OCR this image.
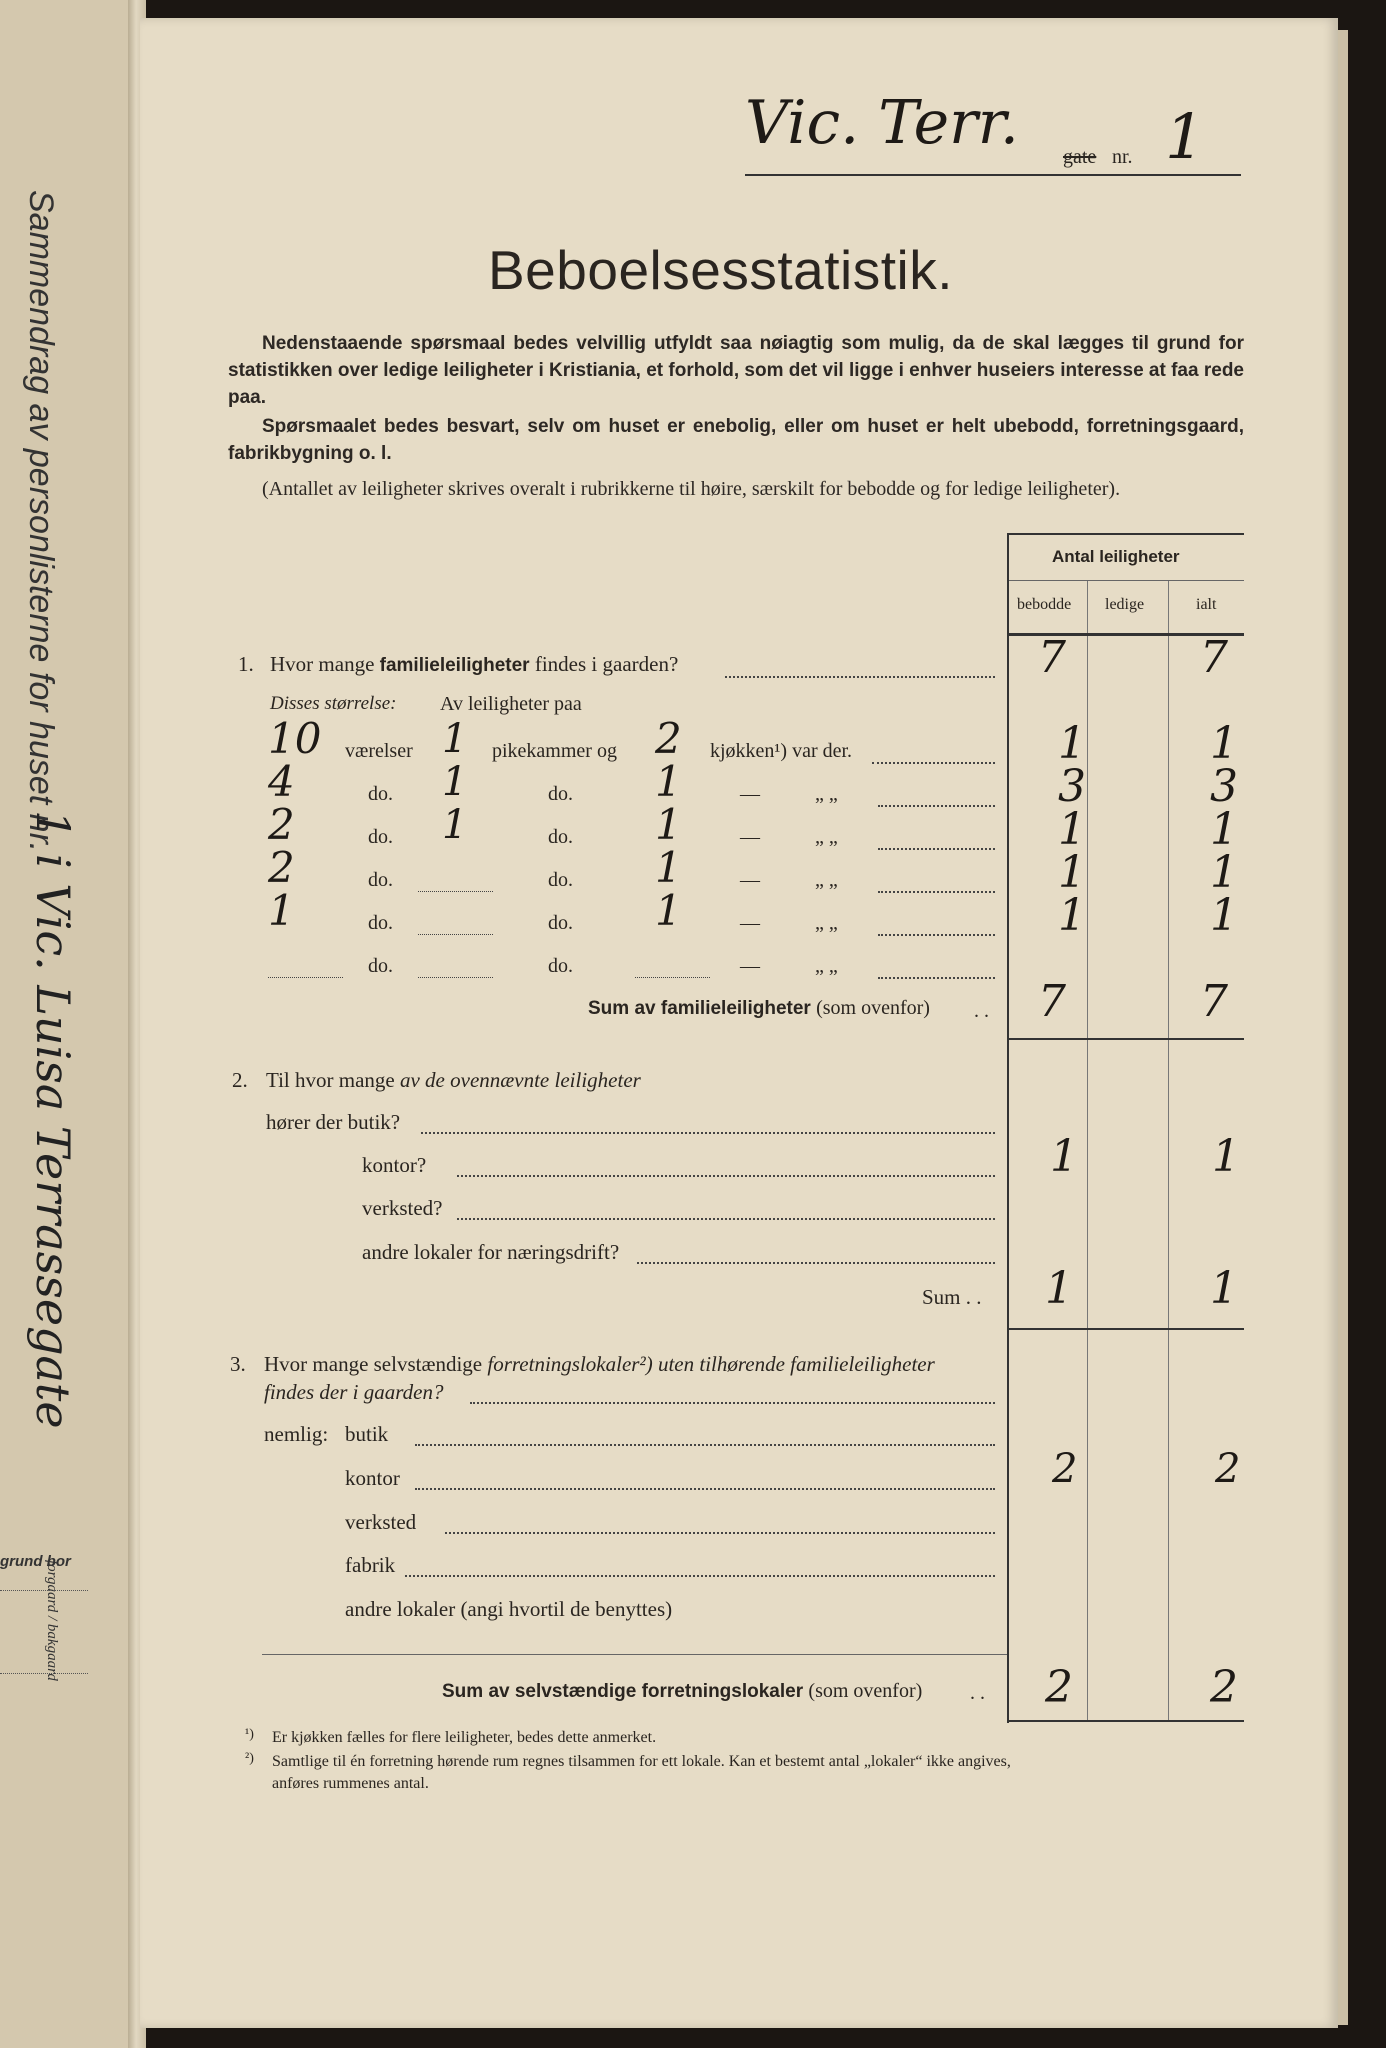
Sammendrag av personlisterne for huset nr.
1 i Vic. Luisa Terrassegate
forgaard / bakgaard
grund bor
Vic. Terr. gate nr. 1
Beboelsesstatistik.
Nedenstaaende spørsmaal bedes velvillig utfyldt saa nøiagtig som mulig, da de skal lægges til grund for statistikken over ledige leiligheter i Kristiania, et forhold, som det vil ligge i enhver huseiers interesse at faa rede paa.
Spørsmaalet bedes besvart, selv om huset er enebolig, eller om huset er helt ubebodd, forretningsgaard, fabrikbygning o. l.
(Antallet av leiligheter skrives overalt i rubrikkerne til høire, særskilt for bebodde og for ledige leiligheter).
Antal leiligheter
bebodde ledige	ialt
1. Hvor mange familieleiligheter findes i gaarden?	7	7
Disses størrelse: Av leiligheter paa
10 værelser 1 pikekammer og 2 kjøkken¹) var der.	1	1
4	do. 1	do. 1	—	„ „	3	3
2	do. 1	do. 1	—	„ „	1	1
2	do.	do. 1	—	„ „	1	1
1	do.	do. 1	—	„ „	1	1
do.	do.	—	„ „
Sum av familieleiligheter (som ovenfor) . . 7	7
2. Til hvor mange av de ovennævnte leiligheter
hører der butik?
kontor?	1	1
verksted?
andre lokaler for næringsdrift?
Sum . . 1	1
3. Hvor mange selvstændige forretningslokaler²) uten tilhørende familieleiligheter
findes der i gaarden?
nemlig: butik
kontor	2	2
verksted
fabrik
andre lokaler (angi hvortil de benyttes)
Sum av selvstændige forretningslokaler (som ovenfor) . . 2	2
¹) Er kjøkken fælles for flere leiligheter, bedes dette anmerket.
²) Samtlige til én forretning hørende rum regnes tilsammen for ett lokale. Kan et bestemt antal „lokaler“ ikke angives,
anføres rummenes antal.
